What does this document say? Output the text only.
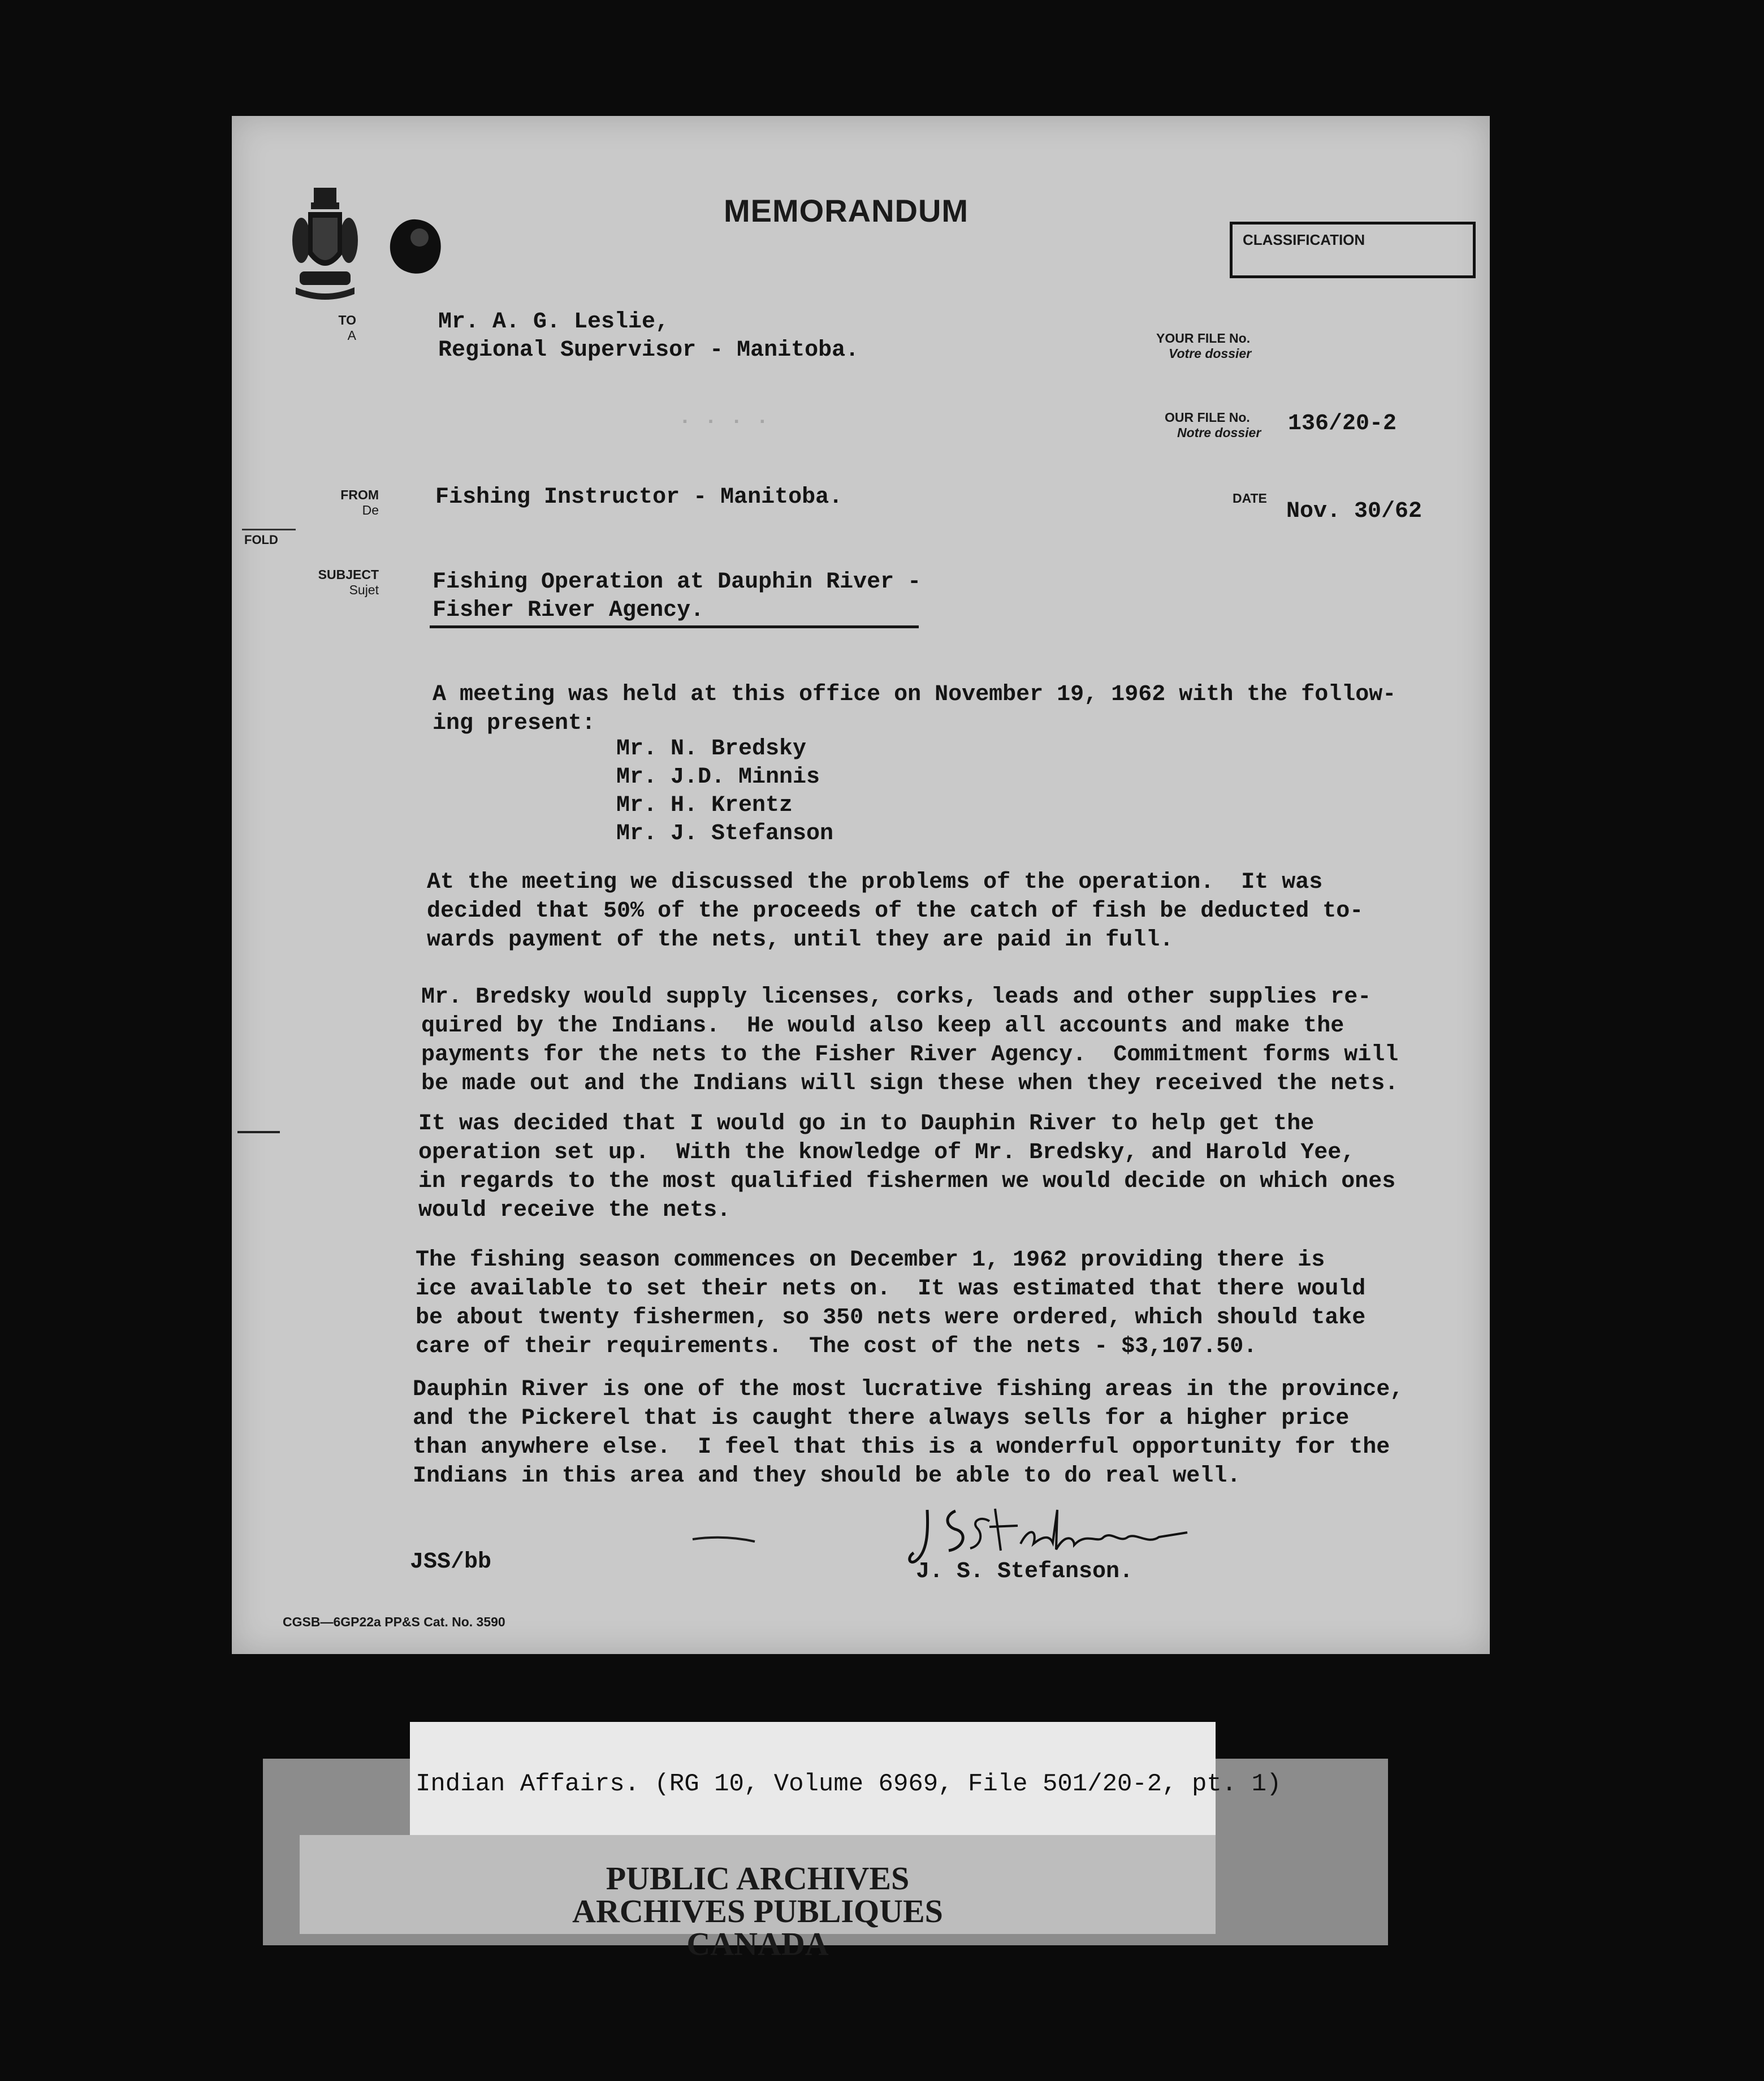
MEMORANDUM
CLASSIFICATION
TO
A
Mr. A. G. Leslie,
Regional Supervisor - Manitoba.	YOUR FILE No.
Votre dossier
· · · ·	OUR FILE No.
Notre dossier 136/20-2
FROM
De	Fishing Instructor - Manitoba.	DATE
Nov. 30/62
FOLD
SUBJECT
Sujet Fishing Operation at Dauphin River -
Fisher River Agency.
A meeting was held at this office on November 19, 1962 with the follow-
ing present:
Mr. N. Bredsky
Mr. J.D. Minnis
Mr. H. Krentz
Mr. J. Stefanson
At the meeting we discussed the problems of the operation.  It was
decided that 50% of the proceeds of the catch of fish be deducted to-
wards payment of the nets, until they are paid in full.
Mr. Bredsky would supply licenses, corks, leads and other supplies re-
quired by the Indians.  He would also keep all accounts and make the
payments for the nets to the Fisher River Agency.  Commitment forms will
be made out and the Indians will sign these when they received the nets.
It was decided that I would go in to Dauphin River to help get the
operation set up.  With the knowledge of Mr. Bredsky, and Harold Yee,
in regards to the most qualified fishermen we would decide on which ones
would receive the nets.
The fishing season commences on December 1, 1962 providing there is
ice available to set their nets on.  It was estimated that there would
be about twenty fishermen, so 350 nets were ordered, which should take
care of their requirements.  The cost of the nets - $3,107.50.
Dauphin River is one of the most lucrative fishing areas in the province,
and the Pickerel that is caught there always sells for a higher price
than anywhere else.  I feel that this is a wonderful opportunity for the
Indians in this area and they should be able to do real well.
JSS/bb	J. S. Stefanson.
CGSB—6GP22a PP&S Cat. No. 3590
Indian Affairs. (RG 10, Volume 6969, File 501/20-2, pt. 1)
PUBLIC ARCHIVES
ARCHIVES PUBLIQUES
CANADA
